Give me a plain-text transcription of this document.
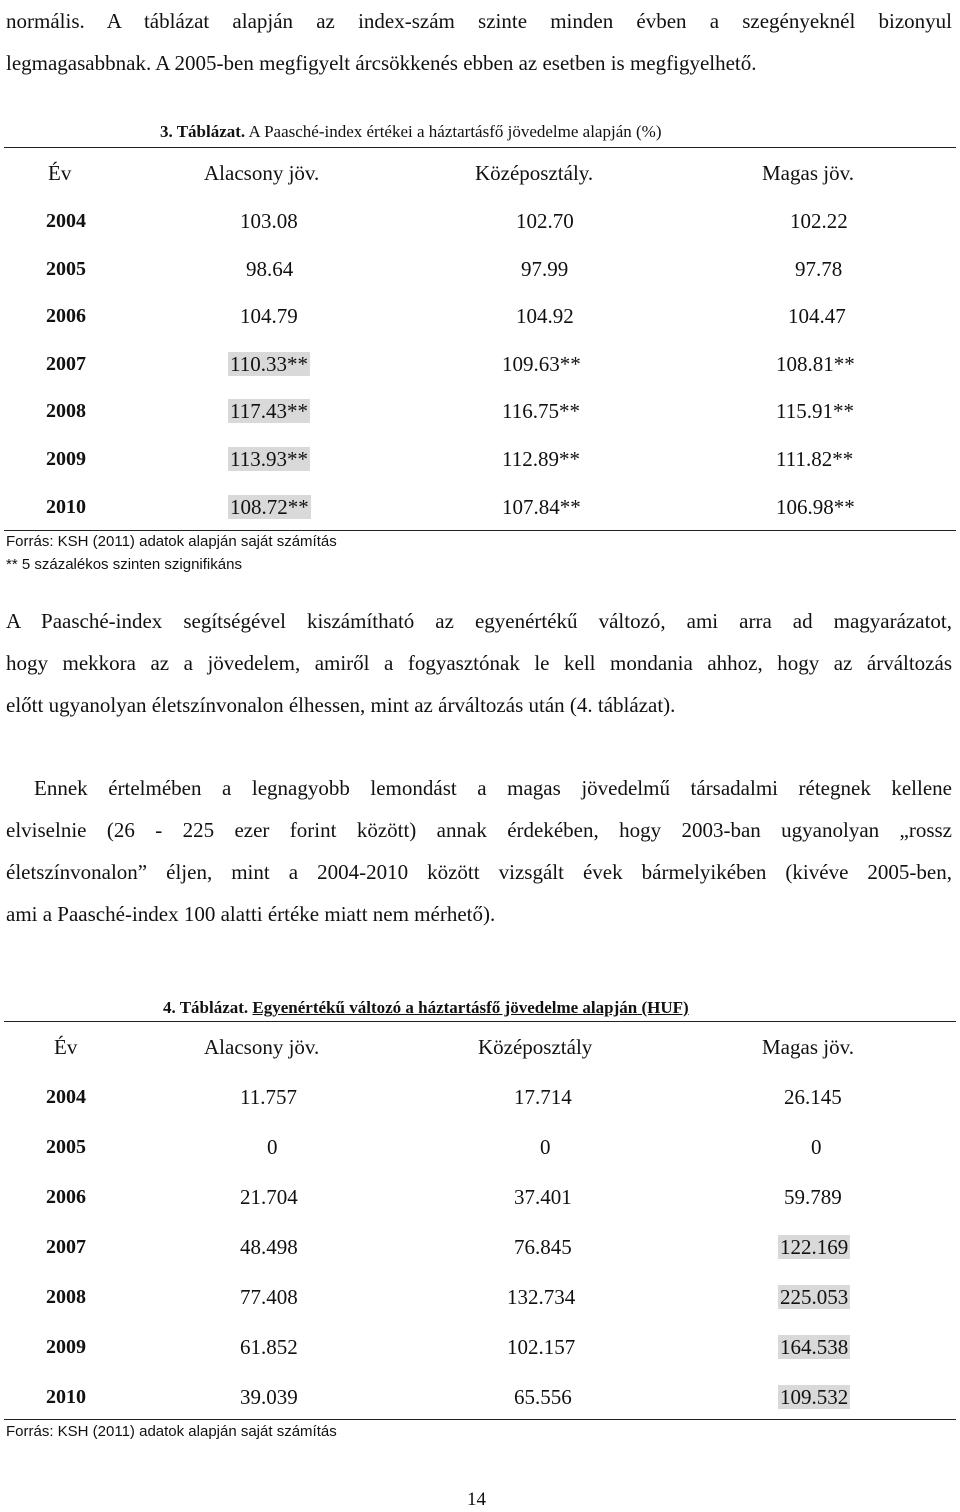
normális. A táblázat alapján az index-szám szinte minden évben a szegényeknél bizonyul
legmagasabbnak. A 2005-ben megfigyelt árcsökkenés ebben az esetben is megfigyelhető.
3. Táblázat. A Paasché-index értékei a háztartásfő jövedelme alapján (%)
Év	Alacsony jöv.	Középosztály.	Magas jöv.
2004	103.08	102.70	102.22
2005	98.64	97.99	97.78
2006	104.79	104.92	104.47
2007	110.33**	109.63**	108.81**
2008	117.43**	116.75**	115.91**
2009	113.93**	112.89**	111.82**
2010	108.72**	107.84**	106.98**
Forrás: KSH (2011) adatok alapján saját számítás
** 5 százalékos szinten szignifikáns
A Paasché-index segítségével kiszámítható az egyenértékű változó, ami arra ad magyarázatot,
hogy mekkora az a jövedelem, amiről a fogyasztónak le kell mondania ahhoz, hogy az árváltozás
előtt ugyanolyan életszínvonalon élhessen, mint az árváltozás után (4. táblázat).
Ennek értelmében a legnagyobb lemondást a magas jövedelmű társadalmi rétegnek kellene
elviselnie (26 - 225 ezer forint között) annak érdekében, hogy 2003-ban ugyanolyan „rossz
életszínvonalon” éljen, mint a 2004-2010 között vizsgált évek bármelyikében (kivéve 2005-ben,
ami a Paasché-index 100 alatti értéke miatt nem mérhető).
4. Táblázat. Egyenértékű változó a háztartásfő jövedelme alapján (HUF)
Év	Alacsony jöv.	Középosztály	Magas jöv.
2004	11.757	17.714	26.145
2005	0	0	0
2006	21.704	37.401	59.789
2007	48.498	76.845	122.169
2008	77.408	132.734	225.053
2009	61.852	102.157	164.538
2010	39.039	65.556	109.532
Forrás: KSH (2011) adatok alapján saját számítás
14
